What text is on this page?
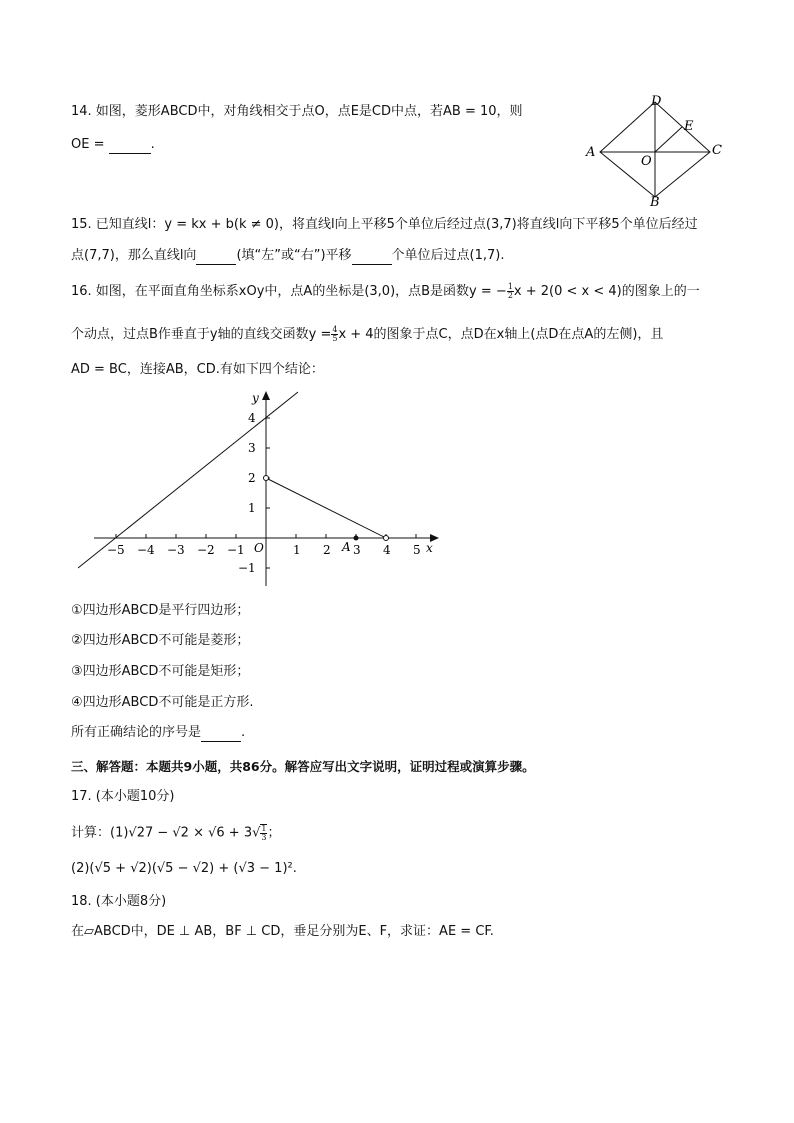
14. 如图，菱形ABCD中，对角线相交于点O，点E是CD中点，若AB = 10，则
OE =	.
A
D
C
B
E
O
15. 已知直线l：y = kx + b(k ≠ 0)，将直线l向上平移5个单位后经过点(3,7)将直线l向下平移5个单位后经过
点(7,7)，那么直线l向	(填“左”或“右”)平移	个单位后过点(1,7).
16. 如图，在平面直角坐标系xOy中，点A的坐标是(3,0)，点B是函数y = − $\frac{1}{2}$ x + 2(0 < x < 4)的图象上的一
个动点，过点B作垂直于y轴的直线交函数$y = \frac{4}{5}$ x + 4的图象于点C，点D在x轴上(点D在点A的左侧)，且
AD = BC，连接AB，CD.有如下四个结论：
−5 −4 −3 −2 −1	1 2 3 4 5
4
3
2
1
−1
O	A	x
y
①四边形ABCD是平行四边形；
②四边形ABCD不可能是菱形；
③四边形ABCD不可能是矩形；
④四边形ABCD不可能是正方形.
所有正确结论的序号是	.
三、解答题：本题共9小题，共86分。解答应写出文字说明，证明过程或演算步骤。
17. (本小题10分)
计算：$(1)√27 - √2 \times √6 + 3√ \frac{1}{3}$ ；
(2)(√5 + √2)(√5 − √2) + (√3 − 1)².
18. (本小题8分)
在▱ABCD中，DE ⊥ AB，BF ⊥ CD，垂足分别为E、F，求证：AE = CF.
